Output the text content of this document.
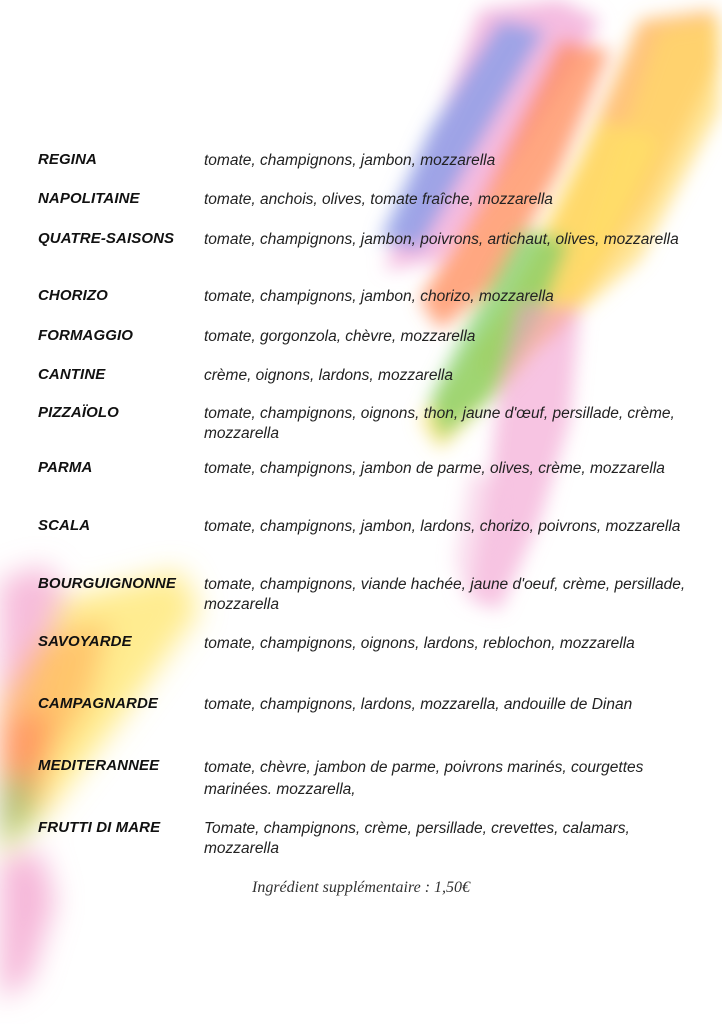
REGINA	tomate, champignons, jambon, mozzarella
NAPOLITAINE	tomate, anchois, olives, tomate fraîche, mozzarella
QUATRE-SAISONS	tomate, champignons, jambon, poivrons, artichaut, olives, mozzarella
CHORIZO	tomate, champignons, jambon, chorizo, mozzarella
FORMAGGIO	tomate, gorgonzola, chèvre, mozzarella
CANTINE	crème, oignons, lardons, mozzarella
PIZZAÏOLO	tomate, champignons, oignons, thon, jaune d'œuf, persillade, crème, mozzarella
PARMA	tomate, champignons, jambon de parme, olives, crème, mozzarella
SCALA	tomate, champignons, jambon, lardons, chorizo, poivrons, mozzarella
BOURGUIGNONNE	tomate, champignons, viande hachée, jaune d'oeuf, crème, persillade, mozzarella
SAVOYARDE	tomate, champignons, oignons, lardons, reblochon, mozzarella
CAMPAGNARDE	tomate, champignons, lardons, mozzarella, andouille de Dinan
MEDITERANNEE	tomate, chèvre, jambon de parme, poivrons marinés, courgettes marinées. mozzarella,
FRUTTI DI MARE	Tomate, champignons, crème, persillade, crevettes, calamars, mozzarella
Ingrédient supplémentaire : 1,50€
